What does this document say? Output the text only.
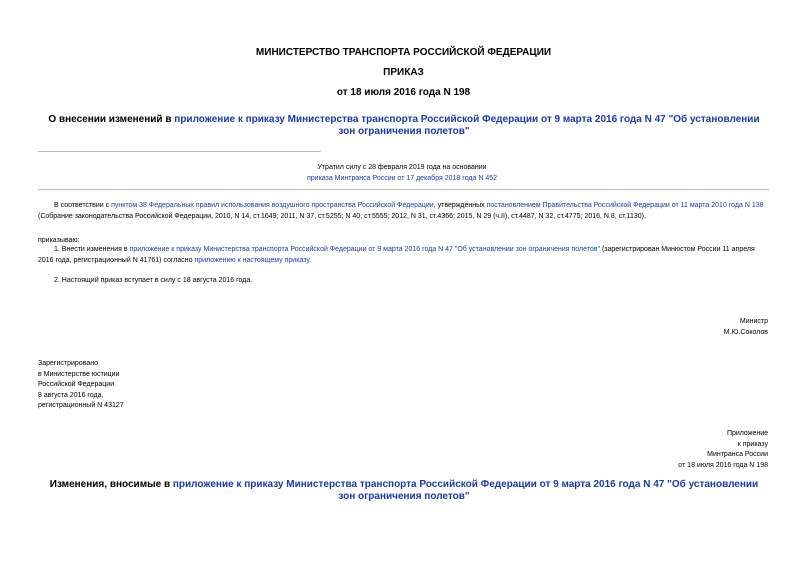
МИНИСТЕРСТВО ТРАНСПОРТА РОССИЙСКОЙ ФЕДЕРАЦИИ
ПРИКАЗ
от 18 июля 2016 года N 198
О внесении изменений в приложение к приказу Министерства транспорта Российской Федерации от 9 марта 2016 года N 47 "Об установлении зон ограничения полетов"
Утратил силу с 28 февраля 2019 года на основании
приказа Минтранса России от 17 декабря 2018 года N 452
В соответствии с пунктом 38 Федеральных правил использования воздушного пространства Российской Федерации, утвержденных постановлением Правительства Российской Федерации от 11 марта 2010 года N 138 (Собрание законодательства Российской Федерации, 2010, N 14, ст.1649; 2011, N 37, ст.5255; N 40, ст.5555; 2012, N 31, ст.4366; 2015, N 29 (ч.II), ст.4487, N 32, ст.4775; 2016, N 8, ст.1130),
приказываю:
1. Внести изменения в приложение к приказу Министерства транспорта Российской Федерации от 9 марта 2016 года N 47 "Об установлении зон ограничения полетов" (зарегистрирован Минюстом России 11 апреля 2016 года, регистрационный N 41761) согласно приложению к настоящему приказу.
2. Настоящий приказ вступает в силу с 18 августа 2016 года.
Министр
М.Ю.Соколов
Зарегистрировано
в Министерстве юстиции
Российской Федерации
8 августа 2016 года,
регистрационный N 43127
Приложение
к приказу
Минтранса России
от 18 июля 2016 года N 198
Изменения, вносимые в приложение к приказу Министерства транспорта Российской Федерации от 9 марта 2016 года N 47 "Об установлении зон ограничения полетов"
